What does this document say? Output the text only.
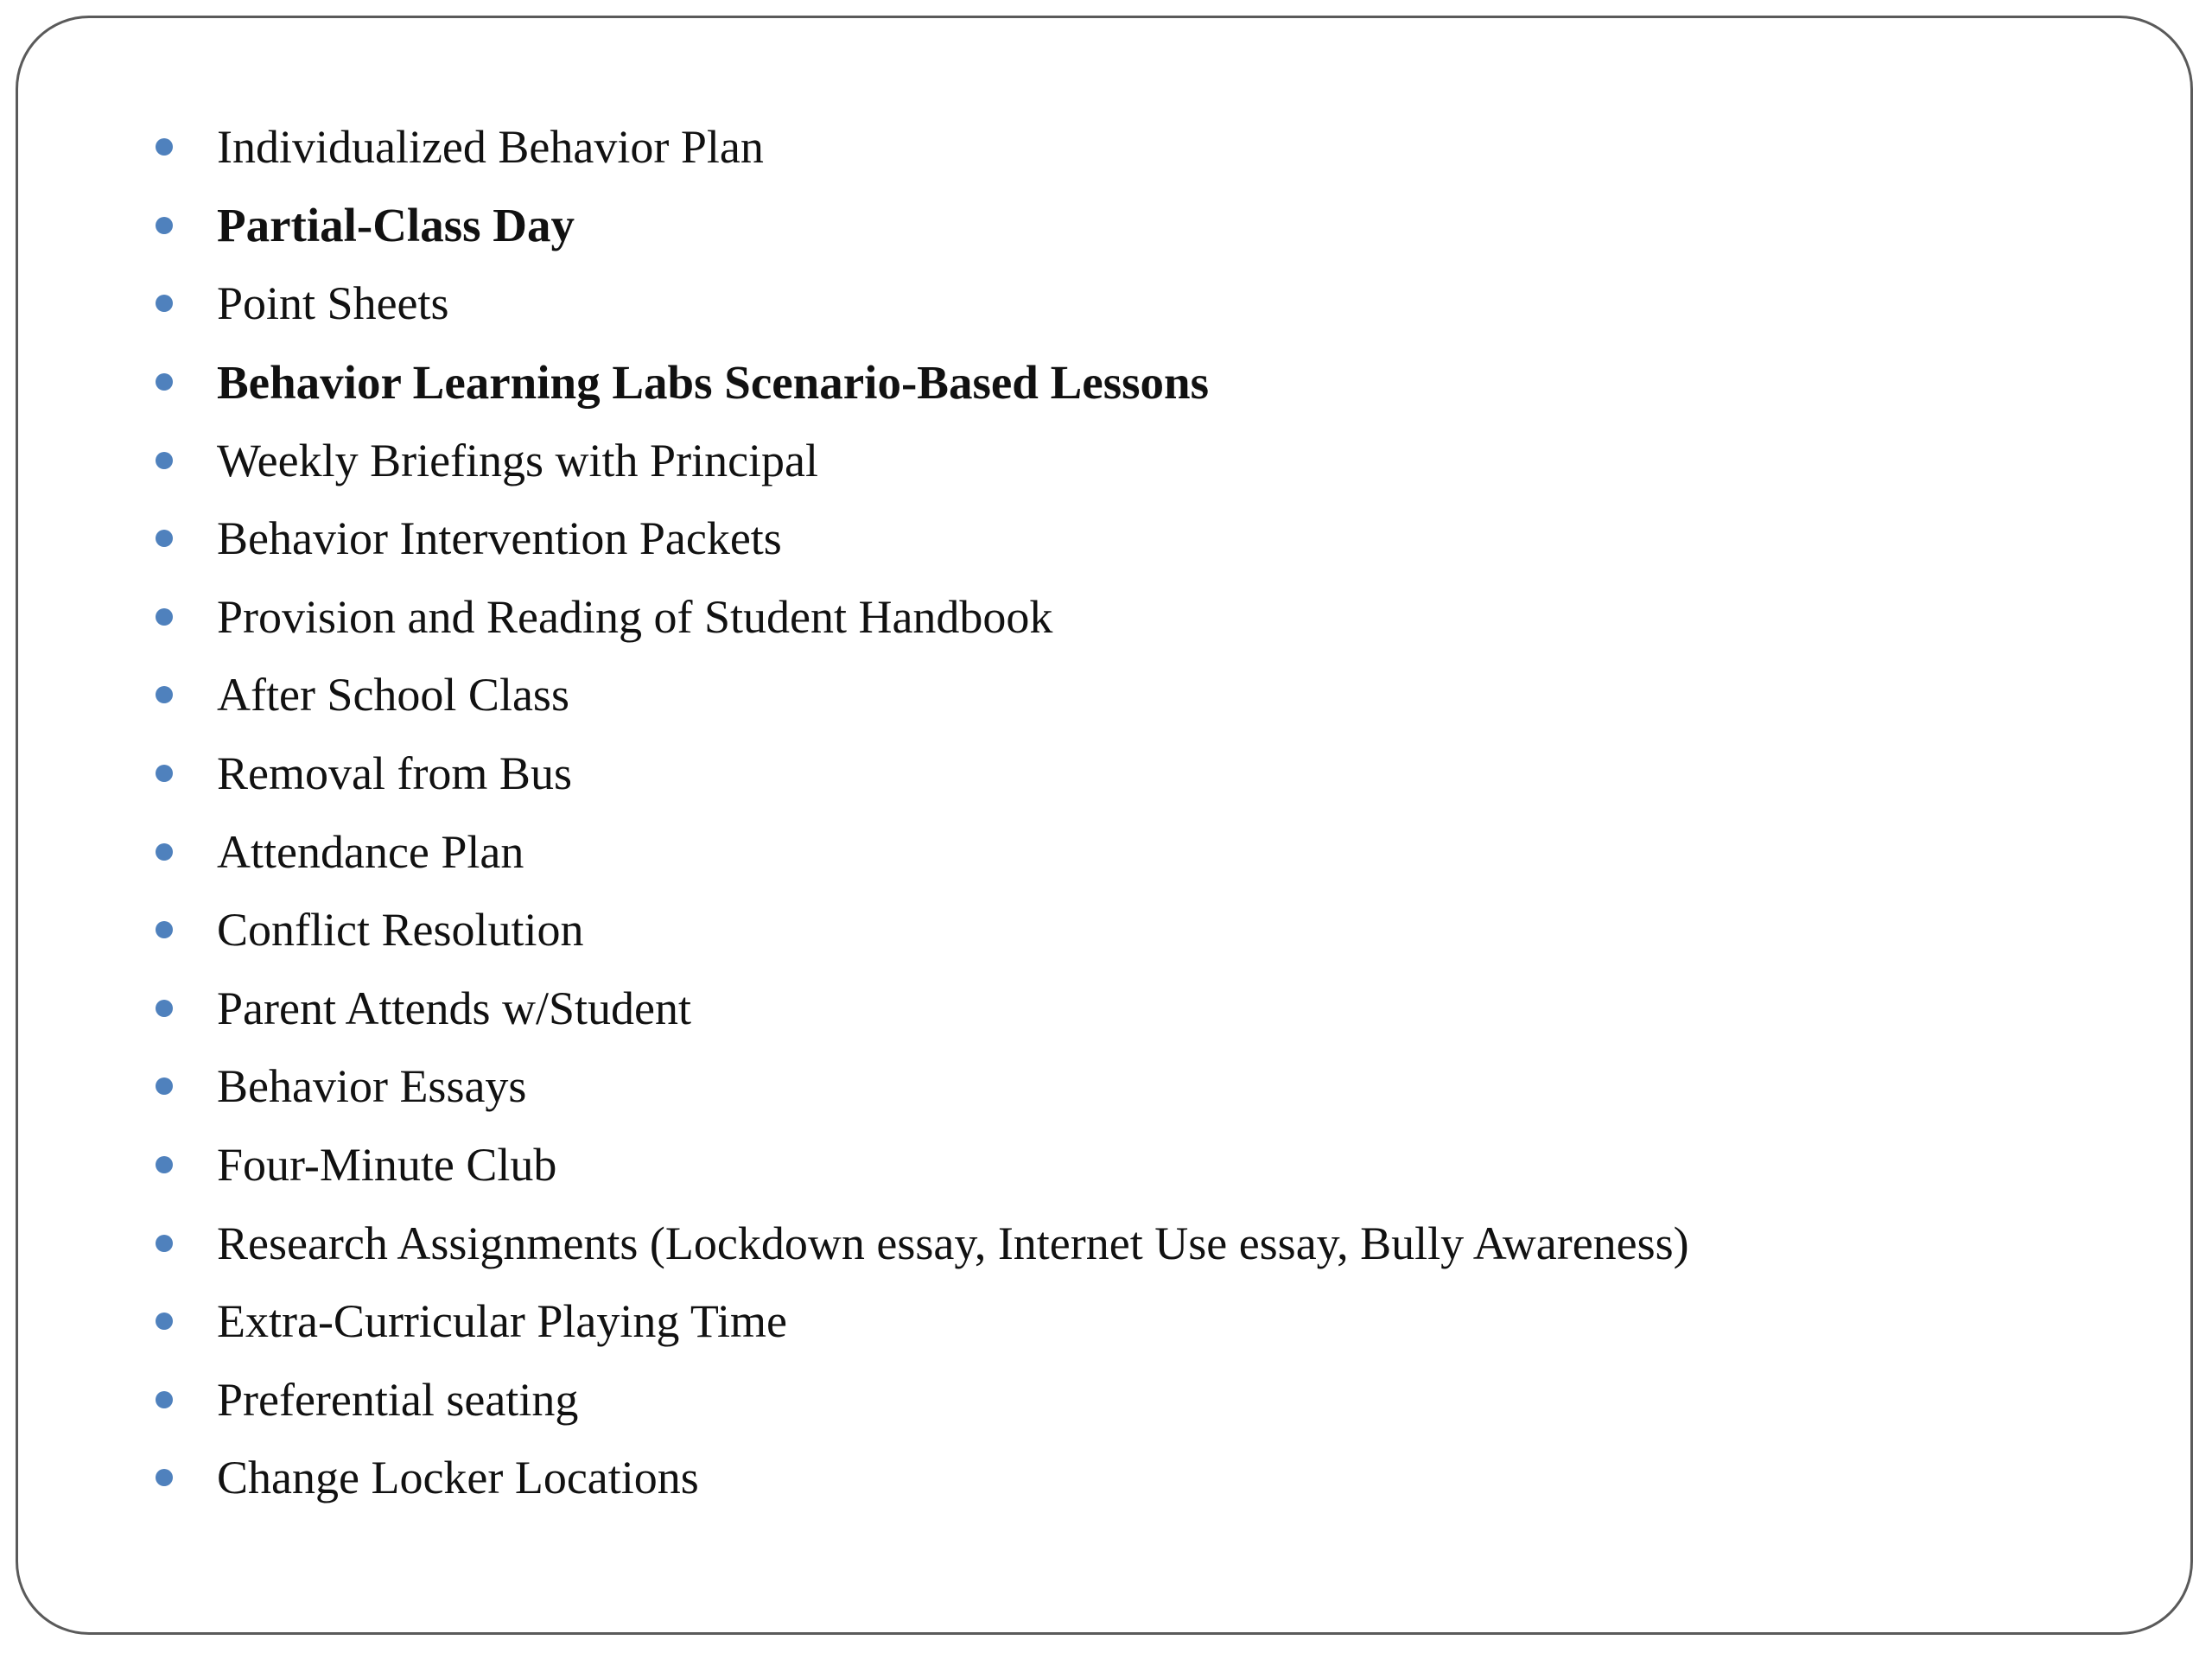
Individualized Behavior Plan
Partial-Class Day
Point Sheets
Behavior Learning Labs Scenario-Based Lessons
Weekly Briefings with Principal
Behavior Intervention Packets
Provision and Reading of Student Handbook
After School Class
Removal from Bus
Attendance Plan
Conflict Resolution
Parent Attends w/Student
Behavior Essays
Four-Minute Club
Research Assignments (Lockdown essay, Internet Use essay, Bully Awareness)
Extra-Curricular Playing Time
Preferential seating
Change Locker Locations
